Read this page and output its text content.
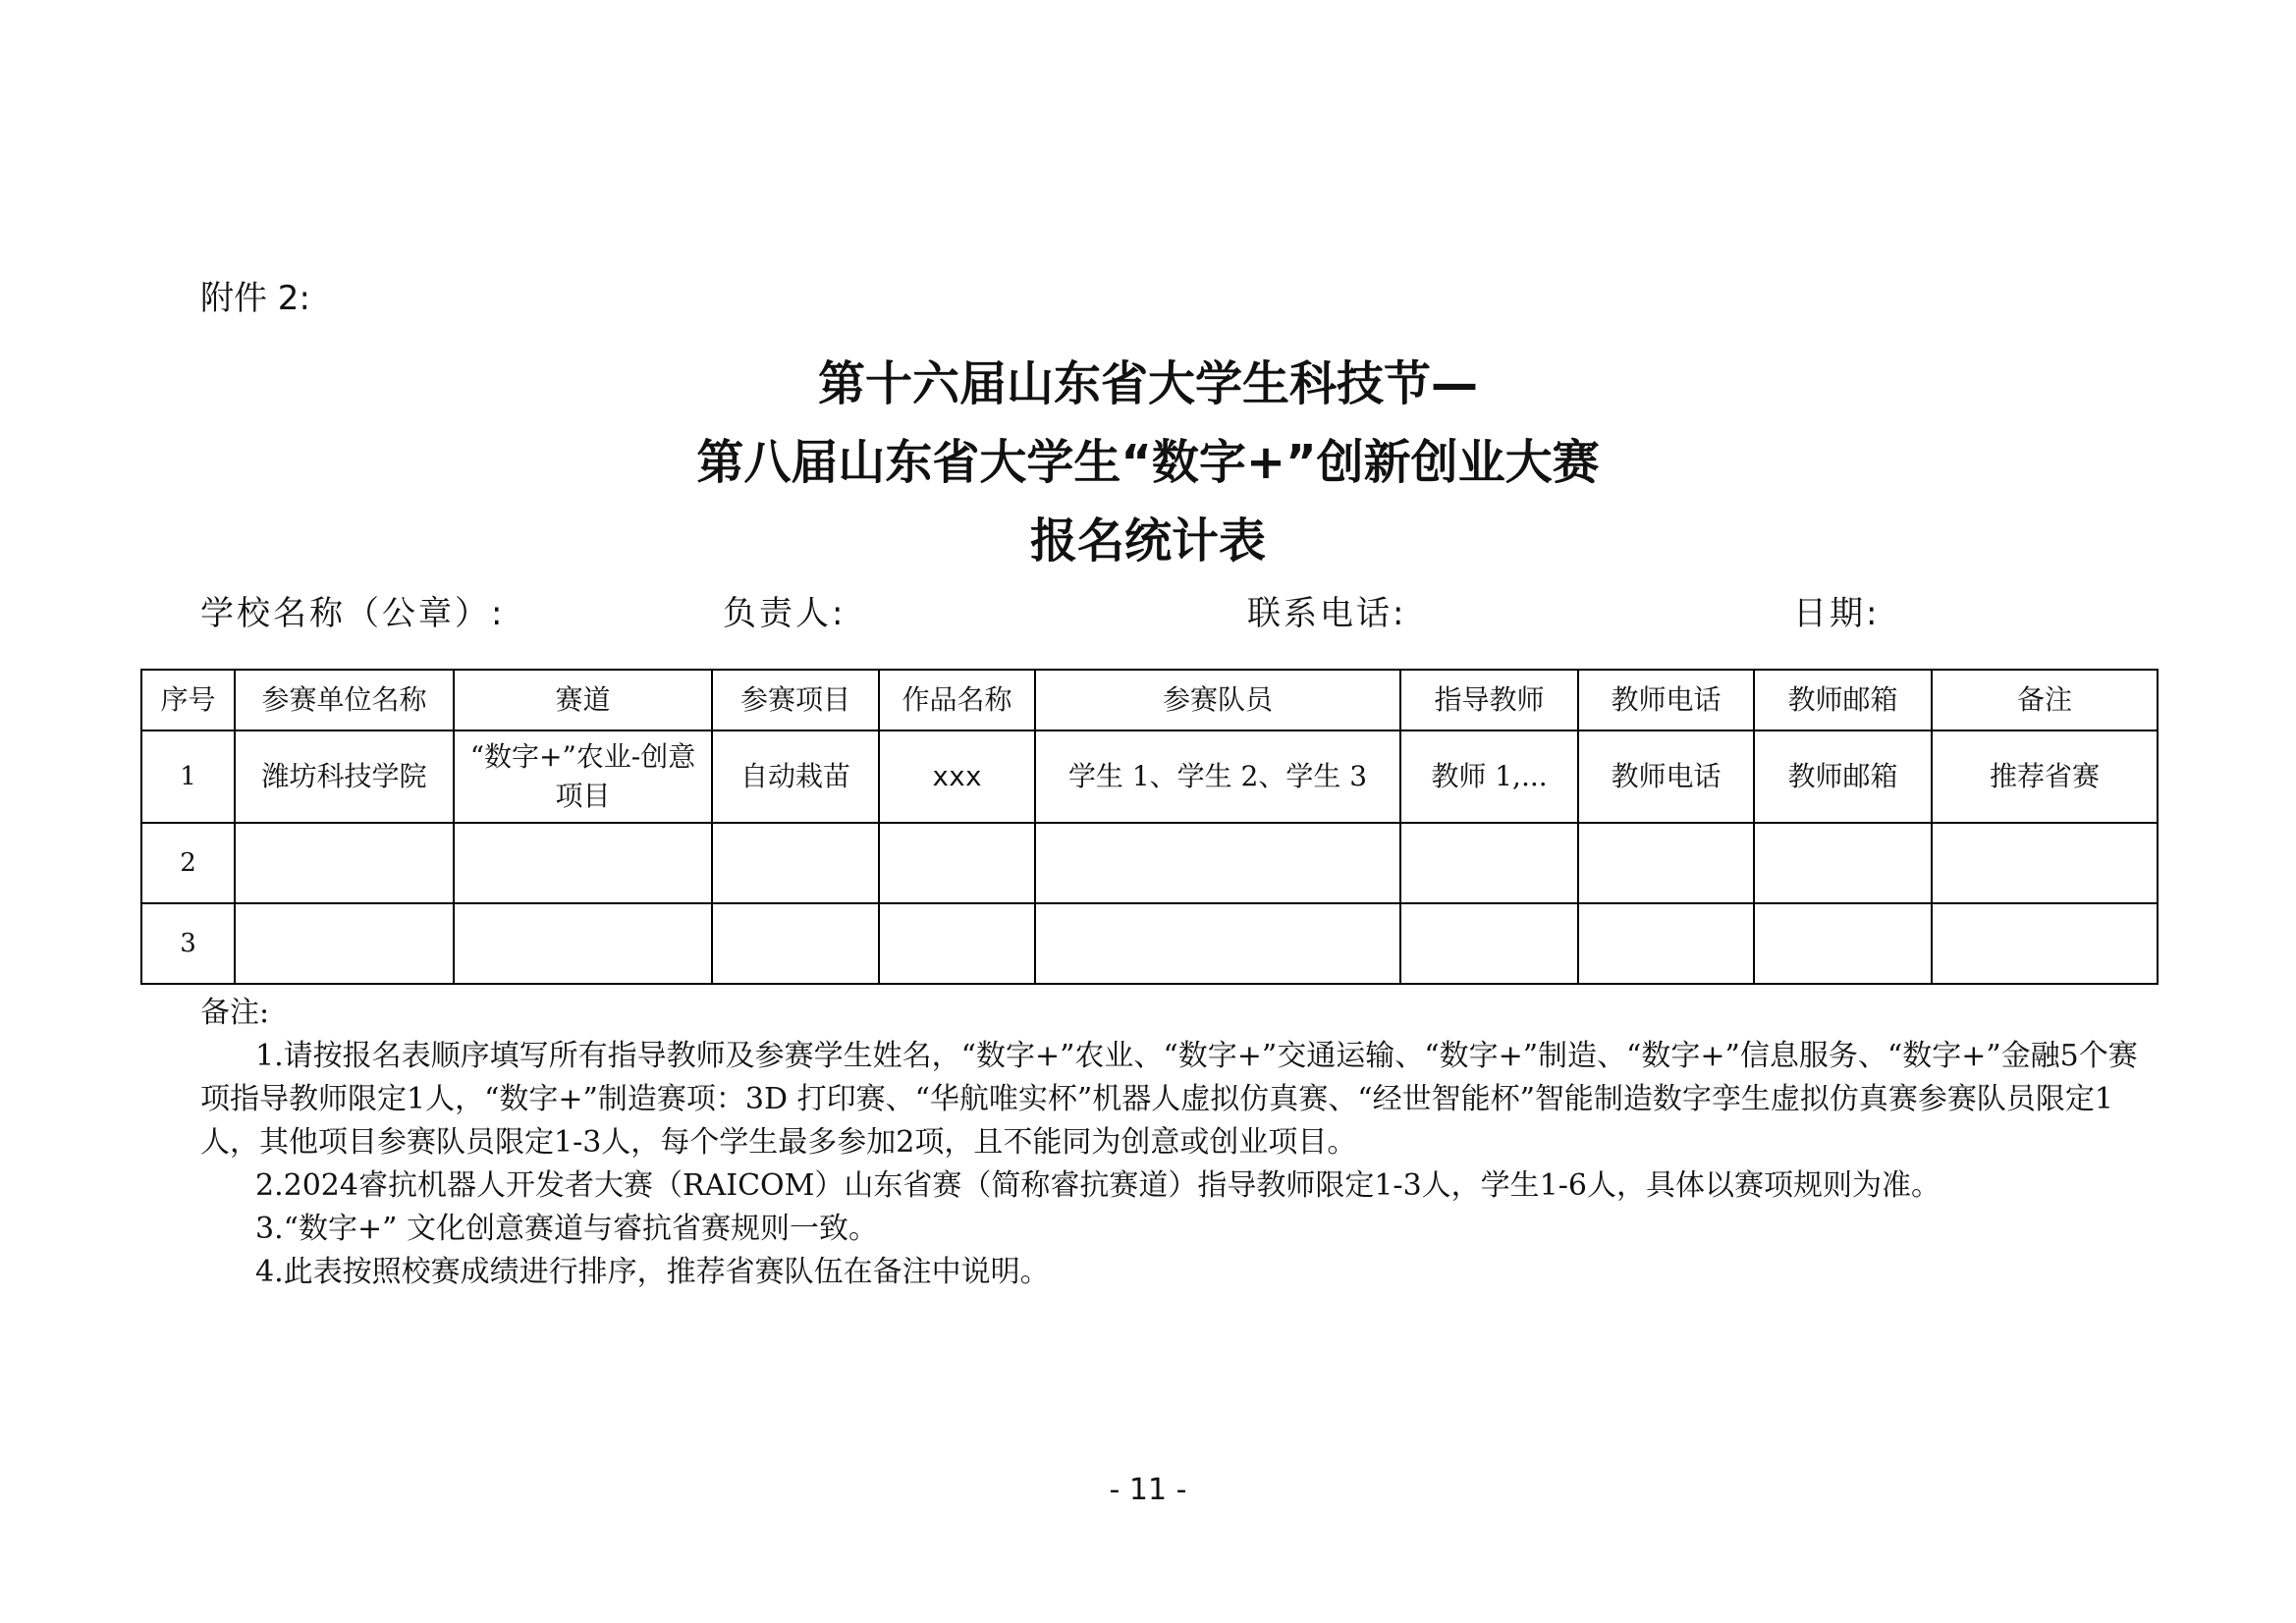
附件 2:
第十六届山东省大学生科技节—
第八届山东省大学生“数字+”创新创业大赛
报名统计表
学校名称（公章）:	负责人:	联系电话:	日期:
序号	参赛单位名称	赛道	参赛项目	作品名称	参赛队员	指导教师	教师电话	教师邮箱	备注
1	潍坊科技学院	“数字+”农业-创意项目	自动栽苗	xxx	学生 1、学生 2、学生 3	教师 1,...	教师电话	教师邮箱	推荐省赛
2									
3									

备注:

1.请按报名表顺序填写所有指导教师及参赛学生姓名，“数字+”农业、“数字+”交通运输、“数字+”制造、“数字+”信息服务、“数字+”金融5个赛项指导教师限定1人，“数字+”制造赛项：3D 打印赛、“华航唯实杯”机器人虚拟仿真赛、“经世智能杯”智能制造数字孪生虚拟仿真赛参赛队员限定1人，其他项目参赛队员限定1-3人，每个学生最多参加2项，且不能同为创意或创业项目。

2.2024睿抗机器人开发者大赛（RAICOM）山东省赛（简称睿抗赛道）指导教师限定1-3人，学生1-6人，具体以赛项规则为准。

3.“数字+” 文化创意赛道与睿抗省赛规则一致。

4.此表按照校赛成绩进行排序，推荐省赛队伍在备注中说明。

- 11 -
